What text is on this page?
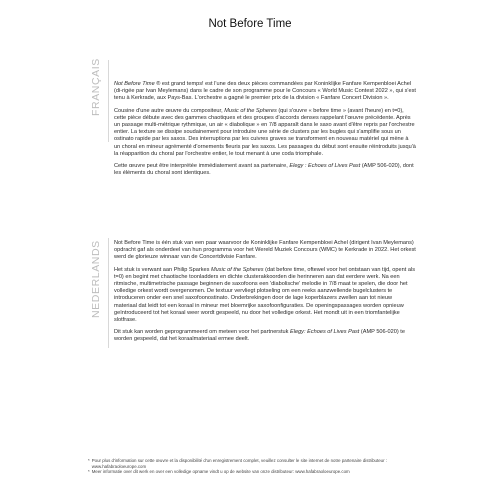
Not Before Time
FRANÇAIS Not Before Time ® est grand temps! est l'une des deux pièces commandées par Koninklijke Fanfare Kempenbloei Achel (di-rigée par Ivan Meylemans) dans le cadre de son programme pour le Concours « World Music Contest 2022 », qui s'est tenu à Kerkrade, aux Pays-Bas. L'orchestre a gagné le premier prix de la division « Fanfare Concert Division ».

Cousine d'une autre œuvre du compositeur, Music of the Spheres (qui s'ouvre « before time » (avant l'heure) en t=0), cette pièce débute avec des gammes chaotiques et des groupes d'accords denses rappelant l'œuvre précédente. Après un passage multi-métrique rythmique, un air « diabolique » en 7/8 apparaît dans le saxo avant d'être repris par l'orchestre entier. La texture se dissipe soudainement pour introduire une série de clusters par les bugles qui s'amplifie sous un ostinato rapide par les saxos. Des interruptions par les cuivres graves se transforment en nouveau matériel qui mène à un choral en mineur agrémenté d'ornements fleuris par les saxos. Les passages du début sont ensuite réintroduits jusqu'à la réapparition du choral par l'orchestre entier, le tout menant à une coda triomphale.

Cette œuvre peut être interprétée immédiatement avant sa partenaire, Elegy : Echoes of Lives Past (AMP 506-020), dont les éléments du choral sont identiques.

NEDERLANDS Not Before Time is één stuk van een paar waarvoor de Koninklijke Fanfare Kempenbloei Achel (dirigent Ivan Meylemans) opdracht gaf als onderdeel van hun programma voor het Wereld Muziek Concours (WMC) te Kerkrade in 2022. Het orkest werd de glorieuze winnaar van de Concertdivisie Fanfare.

Het stuk is verwant aan Philip Sparkes Music of the Spheres (dat before time, oftewel voor het ontstaan van tijd, opent als t=0) en begint met chaotische toonladders en dichte clusterakkoorden die herinneren aan dat eerdere werk. Na een ritmische, multimetrische passage beginnen de saxofoons een 'diabolische' melodie in 7/8 maat te spelen, die door het volledige orkest wordt overgenomen. De textuur vervliegt plotseling om een reeks aanzwellende bugelclusters te introduceren onder een snel saxofoonostinato. Onderbrekingen door de lage koperblazers zwellen aan tot nieuw materiaal dat leidt tot een koraal in mineur met bloemrijke saxofoonfiguraties. De openingspassages worden opnieuw geïntroduceerd tot het koraal weer wordt gespeeld, nu door het volledige orkest. Het mondt uit in een triomfantelijke slotfrase.

Dit stuk kan worden geprogrammeerd om meteen voor het partnerstuk Elegy: Echoes of Lives Past (AMP 506-020) te worden gespeeld, dat het koraalmateriaal ermee deelt.

* Pour plus d'information sur cette œuvre et la disponibilité d'un enregistrement complet, veuillez consulter le site internet de notre partenaire distributeur : www.hafabraoloeurope.com
* Meer informatie over dit werk en over een volledige opname vindt u op de website van onze distributeur: www.hafabraoloeurope.com
